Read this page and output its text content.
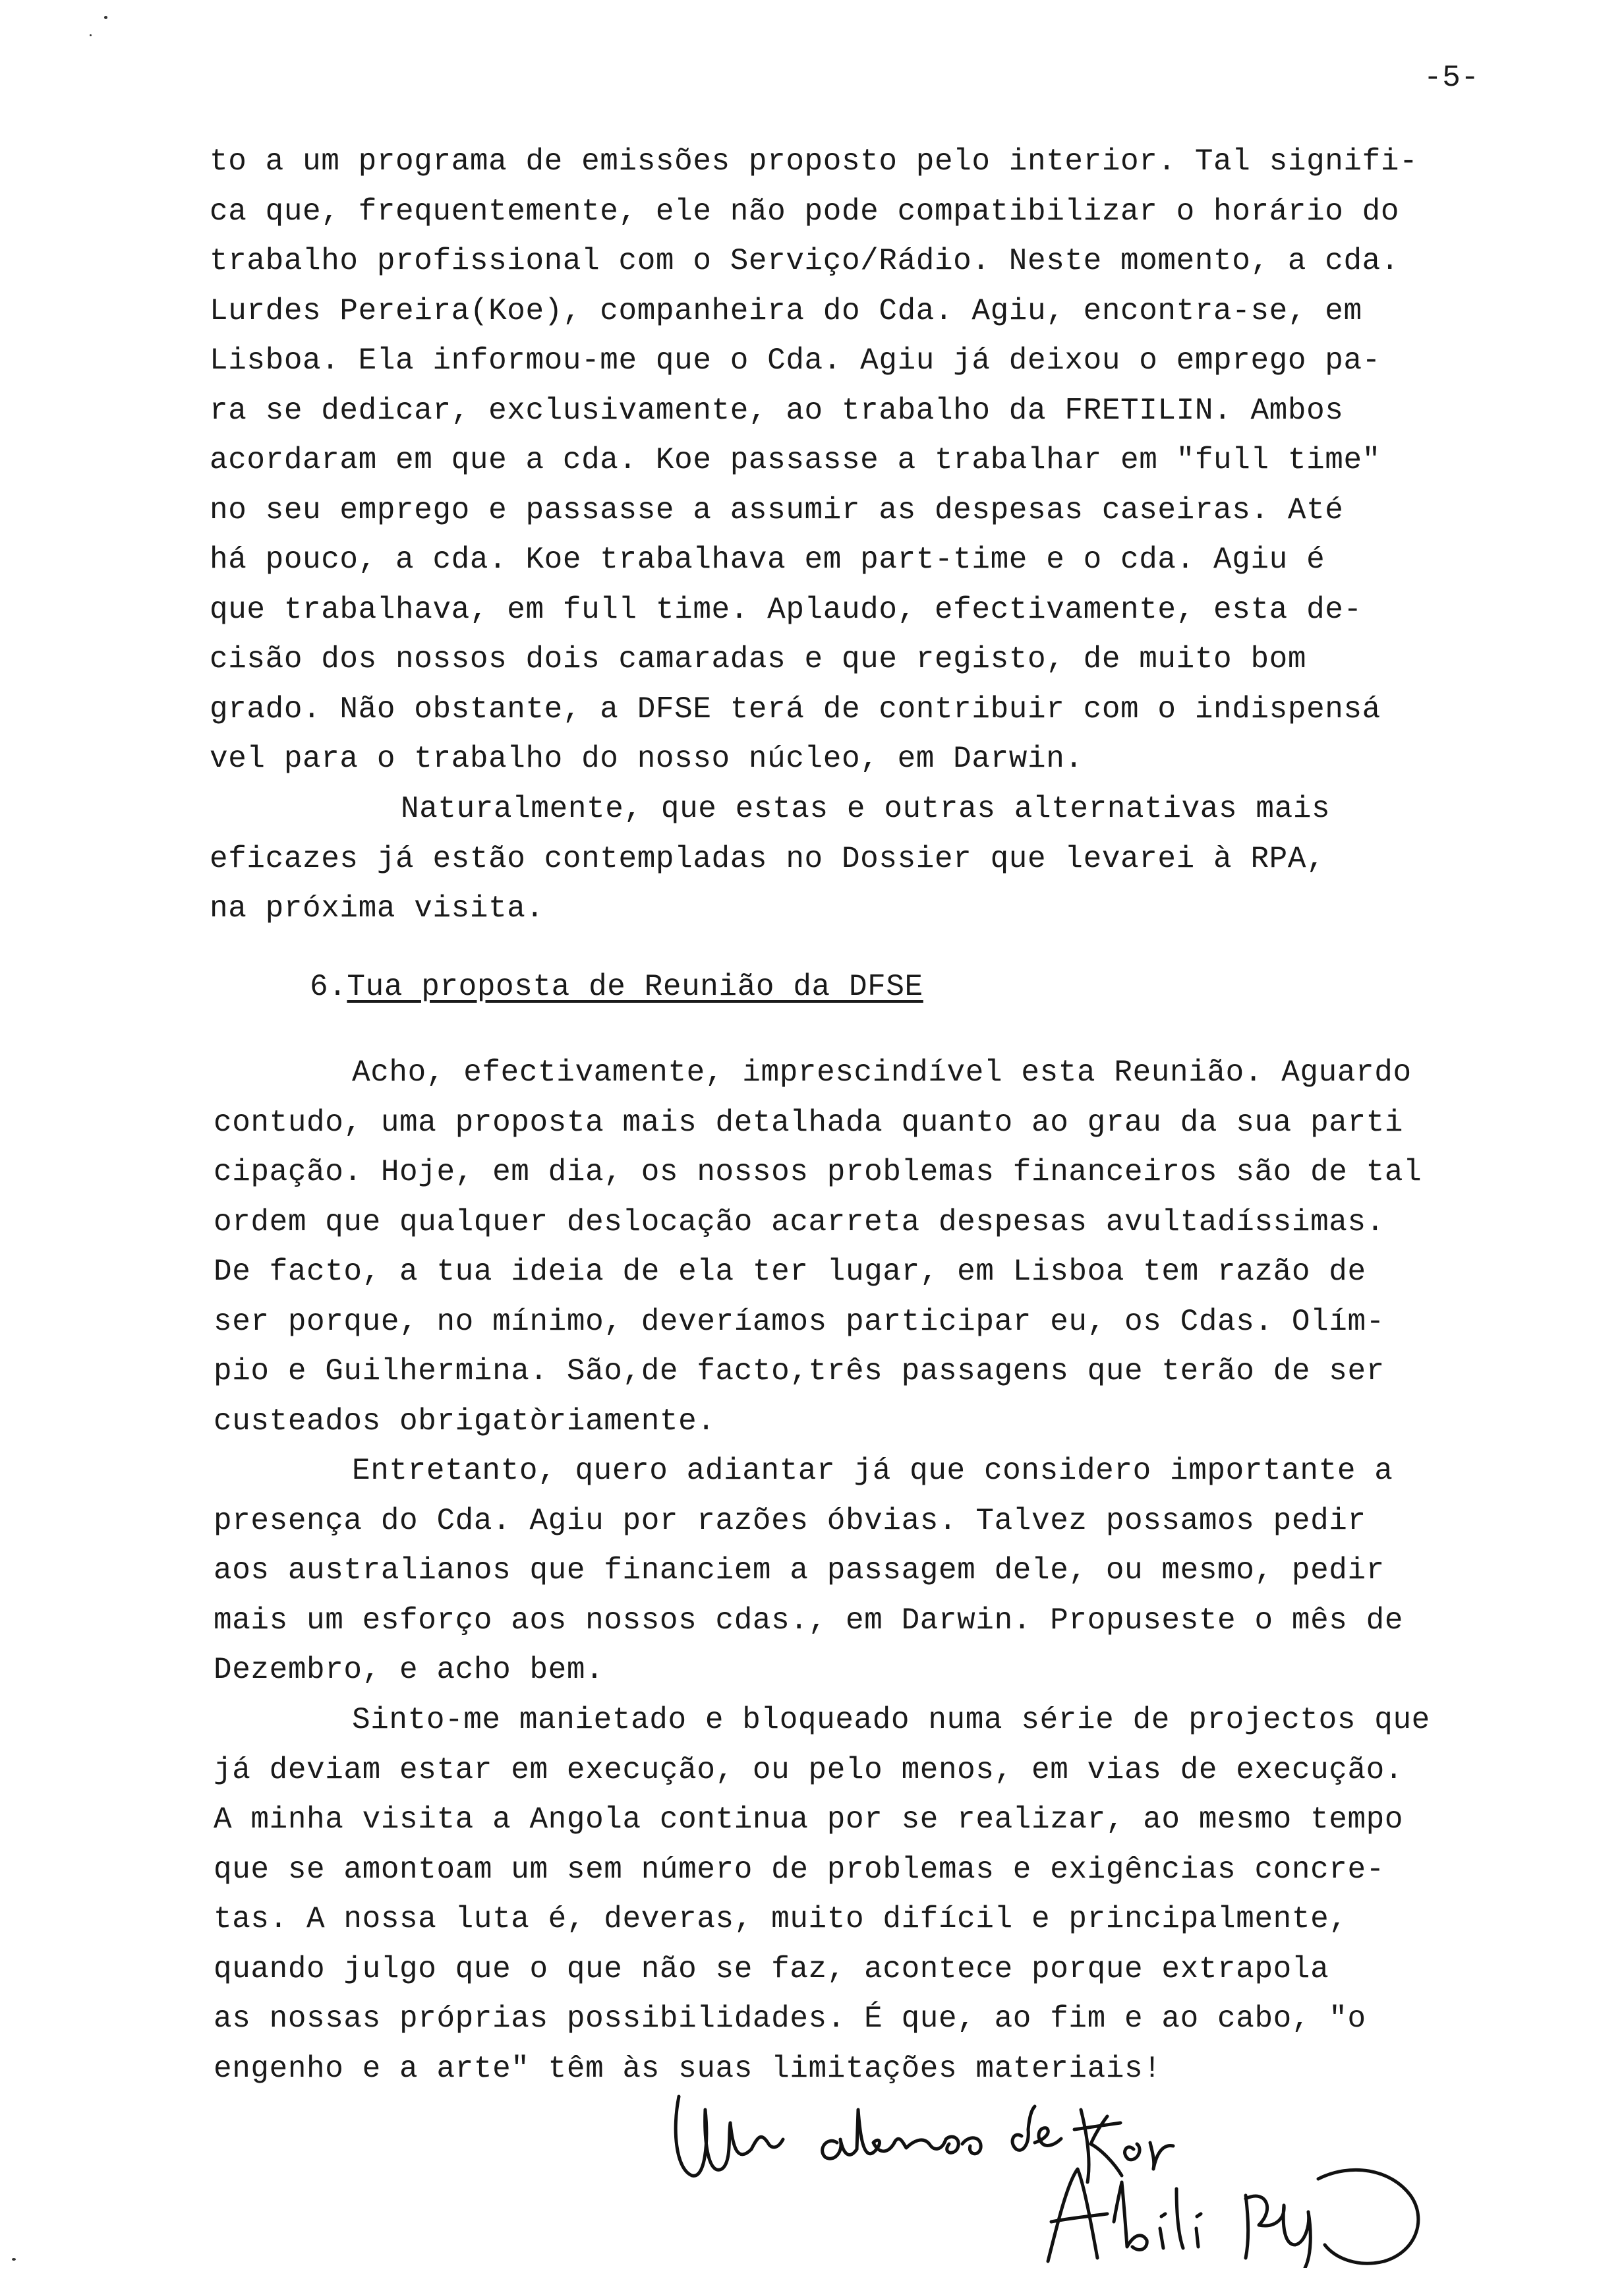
-5-
to a um programa de emissões proposto pelo interior. Tal signifi-
ca que, frequentemente, ele não pode compatibilizar o horário do
trabalho profissional com o Serviço/Rádio. Neste momento, a cda.
Lurdes Pereira(Koe), companheira do Cda. Agiu, encontra-se, em
Lisboa. Ela informou-me que o Cda. Agiu já deixou o emprego pa-
ra se dedicar, exclusivamente, ao trabalho da FRETILIN. Ambos
acordaram em que a cda. Koe passasse a trabalhar em "full time"
no seu emprego e passasse a assumir as despesas caseiras. Até
há pouco, a cda. Koe trabalhava em part-time e o cda. Agiu é
que trabalhava, em full time. Aplaudo, efectivamente, esta de-
cisão dos nossos dois camaradas e que registo, de muito bom
grado. Não obstante, a DFSE terá de contribuir com o indispensá
vel para o trabalho do nosso núcleo, em Darwin.
Naturalmente, que estas e outras alternativas mais
eficazes já estão contempladas no Dossier que levarei à RPA,
na próxima visita.
6.Tua proposta de Reunião da DFSE
Acho, efectivamente, imprescindível esta Reunião. Aguardo
contudo, uma proposta mais detalhada quanto ao grau da sua parti
cipação. Hoje, em dia, os nossos problemas financeiros são de tal
ordem que qualquer deslocação acarreta despesas avultadíssimas.
De facto, a tua ideia de ela ter lugar, em Lisboa tem razão de
ser porque, no mínimo, deveríamos participar eu, os Cdas. Olím-
pio e Guilhermina. São,de facto,três passagens que terão de ser
custeados obrigatòriamente.
Entretanto, quero adiantar já que considero importante a
presença do Cda. Agiu por razões óbvias. Talvez possamos pedir
aos australianos que financiem a passagem dele, ou mesmo, pedir
mais um esforço aos nossos cdas., em Darwin. Propuseste o mês de
Dezembro, e acho bem.
Sinto-me manietado e bloqueado numa série de projectos que
já deviam estar em execução, ou pelo menos, em vias de execução.
A minha visita a Angola continua por se realizar, ao mesmo tempo
que se amontoam um sem número de problemas e exigências concre-
tas. A nossa luta é, deveras, muito difícil e principalmente,
quando julgo que o que não se faz, acontece porque extrapola
as nossas próprias possibilidades. É que, ao fim e ao cabo, "o
engenho e a arte" têm às suas limitações materiais!
